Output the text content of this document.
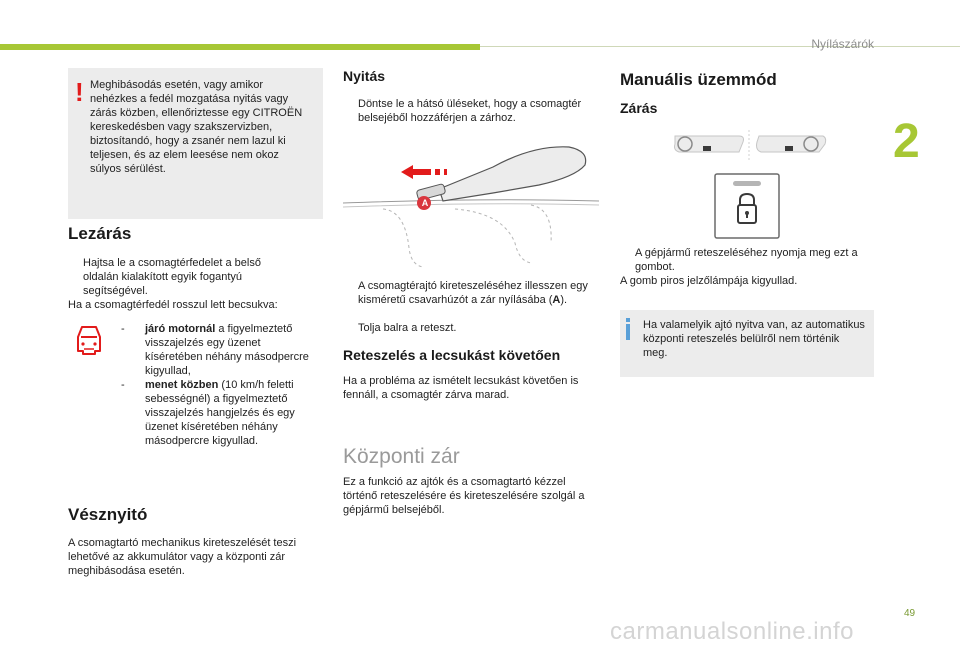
Nyílászárók
2
49
carmanualsonline.info
! Meghibásodás esetén, vagy amikor nehézkes a fedél mozgatása nyitás vagy zárás közben, ellenőriztesse egy CITROËN kereskedésben vagy szakszervizben, biztosítandó, hogy a zsanér nem lazul ki teljesen, és az elem leesése nem okoz súlyos sérülést.
Lezárás
Hajtsa le a csomagtérfedelet a belső oldalán kialakított egyik fogantyú segítségével.
Ha a csomagtérfedél rosszul lett becsukva:
-	járó motornál a figyelmeztető visszajelzés egy üzenet kíséretében néhány másodpercre kigyullad,
-	menet közben (10 km/h feletti sebességnél) a figyelmeztető visszajelzés hangjelzés és egy üzenet kíséretében néhány másodpercre kigyullad.
Vésznyitó
A csomagtartó mechanikus kireteszelését teszi lehetővé az akkumulátor vagy a központi zár meghibásodása esetén.
Nyitás
Döntse le a hátsó üléseket, hogy a csomagtér belsejéből hozzáférjen a zárhoz.
A
A csomagtérajtó kireteszeléséhez illesszen egy kisméretű csavarhúzót a zár nyílásába (A).
Tolja balra a reteszt.
Reteszelés a lecsukást követően
Ha a probléma az ismételt lecsukást követően is fennáll, a csomagtér zárva marad.
Központi zár
Ez a funkció az ajtók és a csomagtartó kézzel történő reteszelésére és kireteszelésére szolgál a gépjármű belsejéből.
Manuális üzemmód
Zárás
A gépjármű reteszeléséhez nyomja meg ezt a gombot.
A gomb piros jelzőlámpája kigyullad.
Ha valamelyik ajtó nyitva van, az automatikus központi reteszelés belülről nem történik meg.
